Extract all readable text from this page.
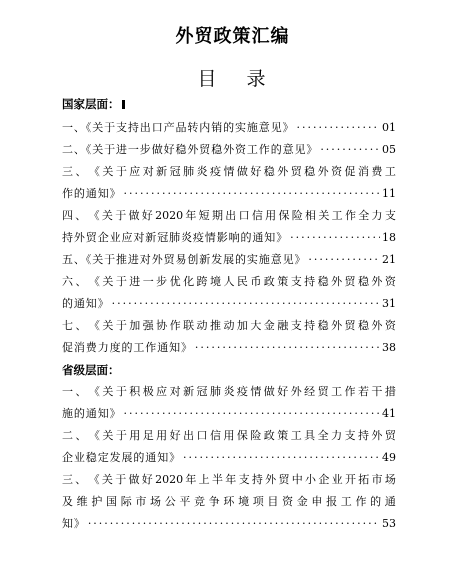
外贸政策汇编
目 录
国家层面：
一、《关于支持出口产品转内销的实施意见》 ·····	01
二、《关于进一步做好稳外贸稳外资工作的意见》 ·····	05
三 、 《 关 于 应 对 新 冠 肺 炎 疫 情 做 好 稳 外 贸 稳 外 资 促 消 费 工
作的通知》 ·····	11
四 、 《 关 于 做 好 2020 年 短 期 出 口 信 用 保 险 相 关 工 作 全 力 支
持外贸企业应对新冠肺炎疫情影响的通知》 ·····	18
五、《关于推进对外贸易创新发展的实施意见》 ·····	21
六 、 《 关 于 进 一 步 优 化 跨 境 人 民 币 政 策 支 持 稳 外 贸 稳 外 资
的通知》 ·····	31
七 、 《 关 于 加 强 协 作 联 动 推 动 加 大 金 融 支 持 稳 外 贸 稳 外 资
促消费力度的工作通知》 ·····	38
省级层面：
一 、 《 关 于 积 极 应 对 新 冠 肺 炎 疫 情 做 好 外 经 贸 工 作 若 干 措
施的通知》 ·····	41
二 、 《 关 于 用 足 用 好 出 口 信 用 保 险 政 策 工 具 全 力 支 持 外 贸
企业稳定发展的通知》 ·····	49
三 、 《 关 于 做 好 2020 年 上 半 年 支 持 外 贸 中 小 企 业 开 拓 市 场
及 维 护 国 际 市 场 公 平 竞 争 环 境 项 目 资 金 申 报 工 作 的 通
知》 ·····	53
